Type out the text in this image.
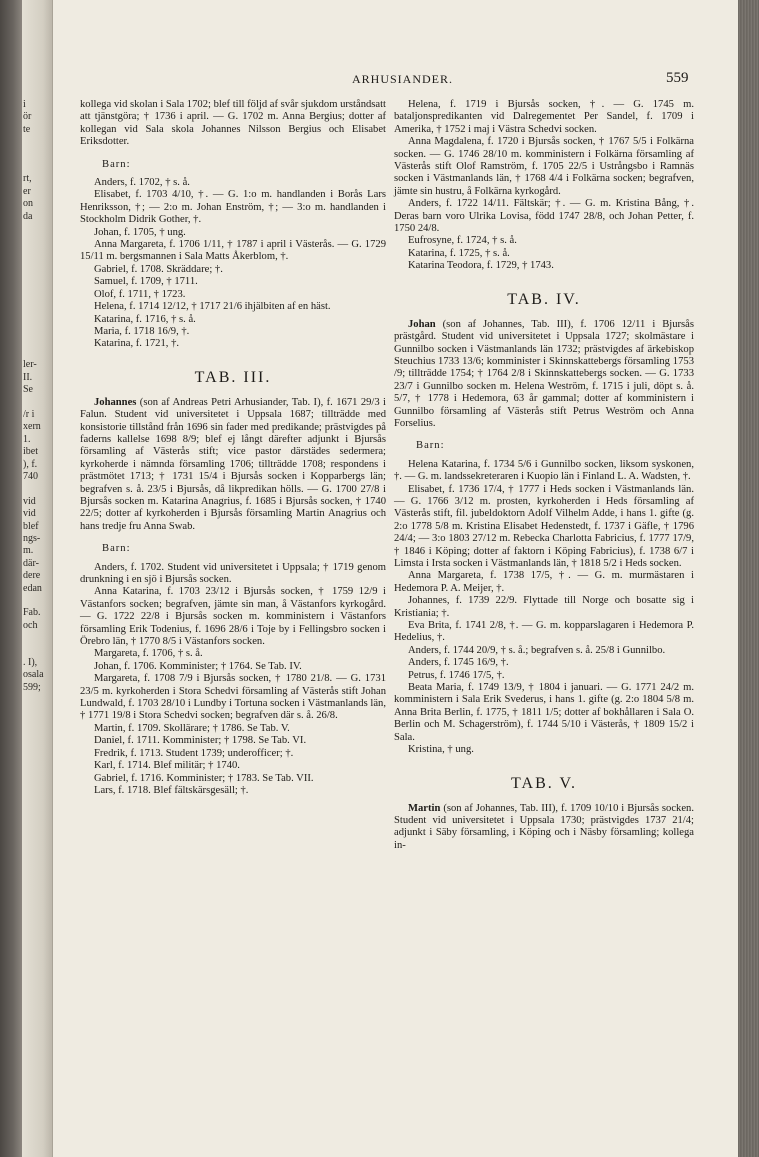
i
ör
te
rt,
er
on
da
ler-
II.
Se
/r i
xern
1.
ibet
), f.
740
vid
vid
blef
ngs-
m.
där-
dere
edan
Fab.
och
. I),
osala
599;
ARHUSIANDER.	559

kollega vid skolan i Sala 1702; blef till följd af svår sjukdom urståndsatt att tjänstgöra; † 1736 i april. — G. 1702 m. Anna Bergius; dotter af kollegan vid Sala skola Johannes Nilsson Bergius och Elisabet Eriksdotter.

Barn:

Anders, f. 1702, † s. å.

Elisabet, f. 1703 4/10, †. — G. 1:o m. handlanden i Borås Lars Henriksson, †; — 2:o m. Johan Enström, †; — 3:o m. handlanden i Stockholm Didrik Gother, †.

Johan, f. 1705, † ung.

Anna Margareta, f. 1706 1/11, † 1787 i april i Västerås. — G. 1729 15/11 m. bergsmannen i Sala Matts Åkerblom, †.

Gabriel, f. 1708. Skräddare; †.

Samuel, f. 1709, † 1711.

Olof, f. 1711, † 1723.

Helena, f. 1714 12/12, † 1717 21/6 ihjälbiten af en häst.

Katarina, f. 1716, † s. å.

Maria, f. 1718 16/9, †.

Katarina, f. 1721, †.

TAB. III.

Johannes (son af Andreas Petri Arhusiander, Tab. I), f. 1671 29/3 i Falun. Student vid universitetet i Uppsala 1687; tillträdde med konsistorie tillstånd från 1696 sin fader med predikande; prästvigdes på faderns kallelse 1698 8/9; blef ej långt därefter adjunkt i Bjursås församling af Västerås stift; vice pastor därstädes sedermera; kyrkoherde i nämnda församling 1706; tillträdde 1708; respondens i prästmötet 1713; † 1731 15/4 i Bjursås socken i Kopparbergs län; begrafven s. å. 23/5 i Bjursås, då likpredikan hölls. — G. 1700 27/8 i Bjursås socken m. Katarina Anagrius, f. 1685 i Bjursås socken, † 1740 22/5; dotter af kyrkoherden i Bjursås församling Martin Anagrius och hans tredje fru Anna Swab.

Barn:

Anders, f. 1702. Student vid universitetet i Uppsala; † 1719 genom drunkning i en sjö i Bjursås socken.

Anna Katarina, f. 1703 23/12 i Bjursås socken, † 1759 12/9 i Västanfors socken; begrafven, jämte sin man, å Västanfors kyrkogård. — G. 1722 22/8 i Bjursås socken m. komministern i Västanfors församling Erik Todenius, f. 1696 28/6 i Toje by i Fellingsbro socken i Örebro län, † 1770 8/5 i Västanfors socken.

Margareta, f. 1706, † s. å.

Johan, f. 1706. Komminister; † 1764. Se Tab. IV.

Margareta, f. 1708 7/9 i Bjursås socken, † 1780 21/8. — G. 1731 23/5 m. kyrkoherden i Stora Schedvi församling af Västerås stift Johan Lundwald, f. 1703 28/10 i Lundby i Tortuna socken i Västmanlands län, † 1771 19/8 i Stora Schedvi socken; begrafven där s. å. 26/8.

Martin, f. 1709. Skollärare; † 1786. Se Tab. V.

Daniel, f. 1711. Komminister; † 1798. Se Tab. VI.

Fredrik, f. 1713. Student 1739; underofficer; †.

Karl, f. 1714. Blef militär; † 1740.

Gabriel, f. 1716. Komminister; † 1783. Se Tab. VII.

Lars, f. 1718. Blef fältskärsgesäll; †.

Helena, f. 1719 i Bjursås socken, †. — G. 1745 m. bataljonspredikanten vid Dalregementet Per Sandel, f. 1709 i Amerika, † 1752 i maj i Västra Schedvi socken.

Anna Magdalena, f. 1720 i Bjursås socken, † 1767 5/5 i Folkärna socken. — G. 1746 28/10 m. komministern i Folkärna församling af Västerås stift Olof Ramström, f. 1705 22/5 i Ustrångsbo i Ramnäs socken i Västmanlands län, † 1768 4/4 i Folkärna socken; begrafven, jämte sin hustru, å Folkärna kyrkogård.

Anders, f. 1722 14/11. Fältskär; †. — G. m. Kristina Bång, †. Deras barn voro Ulrika Lovisa, född 1747 28/8, och Johan Petter, f. 1750 24/8.

Eufrosyne, f. 1724, † s. å.

Katarina, f. 1725, † s. å.

Katarina Teodora, f. 1729, † 1743.

TAB. IV.

Johan (son af Johannes, Tab. III), f. 1706 12/11 i Bjursås prästgård. Student vid universitetet i Uppsala 1727; skolmästare i Gunnilbo socken i Västmanlands län 1732; prästvigdes af ärkebiskop Steuchius 1733 13/6; komminister i Skinnskattebergs församling 1753 /9; tillträdde 1754; † 1764 2/8 i Skinnskattebergs socken. — G. 1733 23/7 i Gunnilbo socken m. Helena Weström, f. 1715 i juli, döpt s. å. 5/7, † 1778 i Hedemora, 63 år gammal; dotter af komministern i Gunnilbo församling af Västerås stift Petrus Weström och Anna Forselius.

Barn:

Helena Katarina, f. 1734 5/6 i Gunnilbo socken, liksom syskonen, †. — G. m. landssekreteraren i Kuopio län i Finland L. A. Wadsten, †.

Elisabet, f. 1736 17/4, † 1777 i Heds socken i Västmanlands län. — G. 1766 3/12 m. prosten, kyrkoherden i Heds församling af Västerås stift, fil. jubeldoktorn Adolf Vilhelm Adde, i hans 1. gifte (g. 2:o 1778 5/8 m. Kristina Elisabet Hedenstedt, f. 1737 i Gäfle, † 1796 24/4; — 3:o 1803 27/12 m. Rebecka Charlotta Fabricius, f. 1777 17/9, † 1846 i Köping; dotter af faktorn i Köping Fabricius), f. 1738 6/7 i Limsta i Irsta socken i Västmanlands län, † 1818 5/2 i Heds socken.

Anna Margareta, f. 1738 17/5, †. — G. m. murmästaren i Hedemora P. A. Meijer, †.

Johannes, f. 1739 22/9. Flyttade till Norge och bosatte sig i Kristiania; †.

Eva Brita, f. 1741 2/8, †. — G. m. kopparslagaren i Hedemora P. Hedelius, †.

Anders, f. 1744 20/9, † s. å.; begrafven s. å. 25/8 i Gunnilbo.

Anders, f. 1745 16/9, †.

Petrus, f. 1746 17/5, †.

Beata Maria, f. 1749 13/9, † 1804 i januari. — G. 1771 24/2 m. komministern i Sala Erik Svederus, i hans 1. gifte (g. 2:o 1804 5/8 m. Anna Brita Berlin, f. 1775, † 1811 1/5; dotter af bokhållaren i Sala O. Berlin och M. Schagerström), f. 1744 5/10 i Västerås, † 1809 15/2 i Sala.

Kristina, † ung.

TAB. V.

Martin (son af Johannes, Tab. III), f. 1709 10/10 i Bjursås socken. Student vid universitetet i Uppsala 1730; prästvigdes 1737 21/4; adjunkt i Säby församling, i Köping och i Näsby församling; kollega in-
